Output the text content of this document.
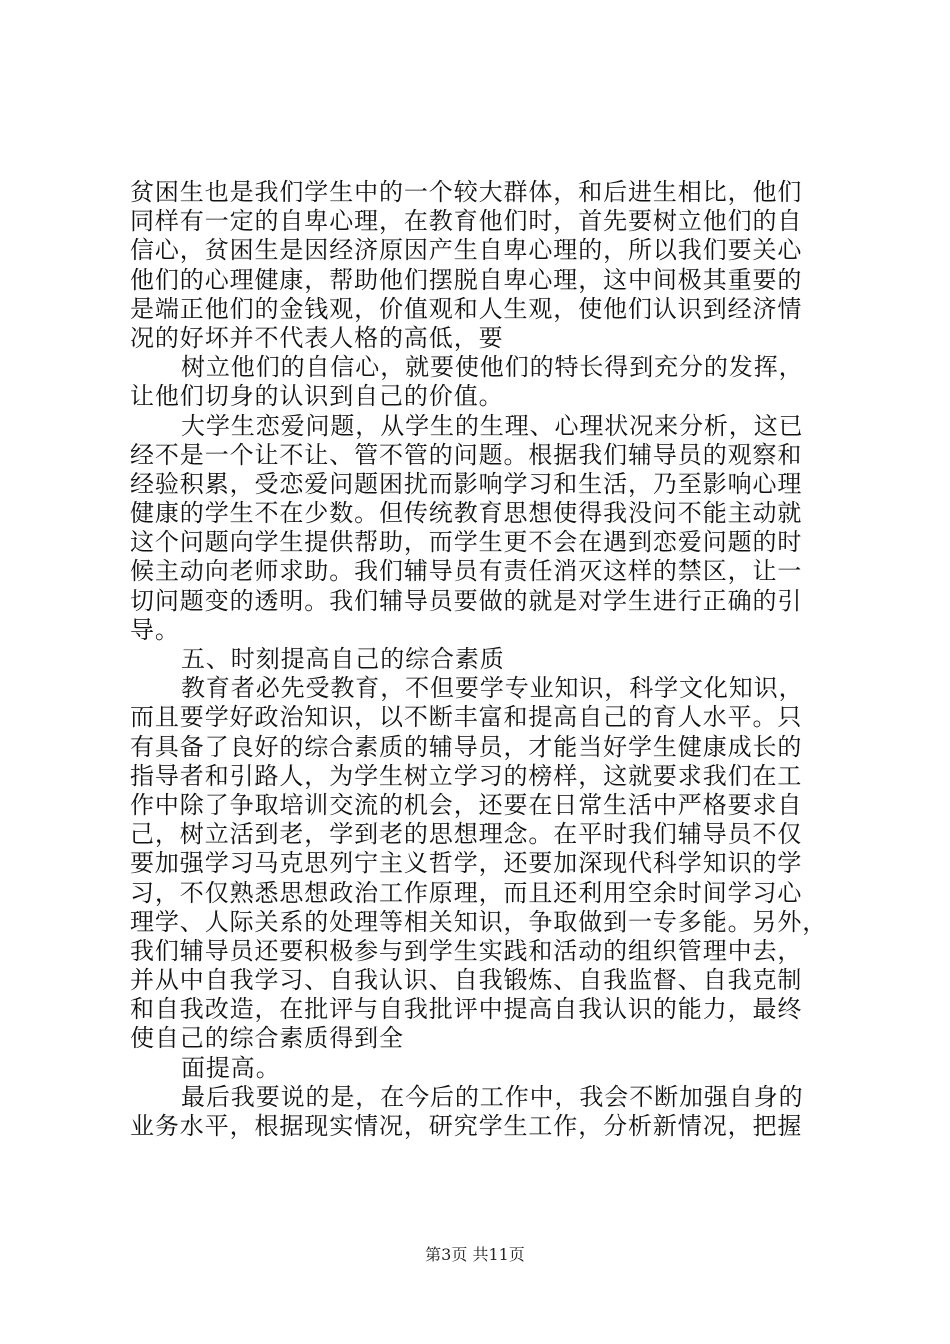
贫困生也是我们学生中的一个较大群体，和后进生相比，他们
同样有一定的自卑心理，在教育他们时，首先要树立他们的自
信心，贫困生是因经济原因产生自卑心理的，所以我们要关心
他们的心理健康，帮助他们摆脱自卑心理，这中间极其重要的
是端正他们的金钱观，价值观和人生观，使他们认识到经济情
况的好坏并不代表人格的高低，要
树立他们的自信心，就要使他们的特长得到充分的发挥，
让他们切身的认识到自己的价值。
大学生恋爱问题，从学生的生理、心理状况来分析，这已
经不是一个让不让、管不管的问题。根据我们辅导员的观察和
经验积累，受恋爱问题困扰而影响学习和生活，乃至影响心理
健康的学生不在少数。但传统教育思想使得我没问不能主动就
这个问题向学生提供帮助，而学生更不会在遇到恋爱问题的时
候主动向老师求助。我们辅导员有责任消灭这样的禁区，让一
切问题变的透明。我们辅导员要做的就是对学生进行正确的引
导。
五、时刻提高自己的综合素质
教育者必先受教育，不但要学专业知识，科学文化知识，
而且要学好政治知识，以不断丰富和提高自己的育人水平。只
有具备了良好的综合素质的辅导员，才能当好学生健康成长的
指导者和引路人，为学生树立学习的榜样，这就要求我们在工
作中除了争取培训交流的机会，还要在日常生活中严格要求自
己，树立活到老，学到老的思想理念。在平时我们辅导员不仅
要加强学习马克思列宁主义哲学，还要加深现代科学知识的学
习，不仅熟悉思想政治工作原理，而且还利用空余时间学习心
理学、人际关系的处理等相关知识，争取做到一专多能。另外，
我们辅导员还要积极参与到学生实践和活动的组织管理中去，
并从中自我学习、自我认识、自我锻炼、自我监督、自我克制
和自我改造，在批评与自我批评中提高自我认识的能力，最终
使自己的综合素质得到全
面提高。
最后我要说的是，在今后的工作中，我会不断加强自身的
业务水平，根据现实情况，研究学生工作，分析新情况，把握
第3页 共11页
